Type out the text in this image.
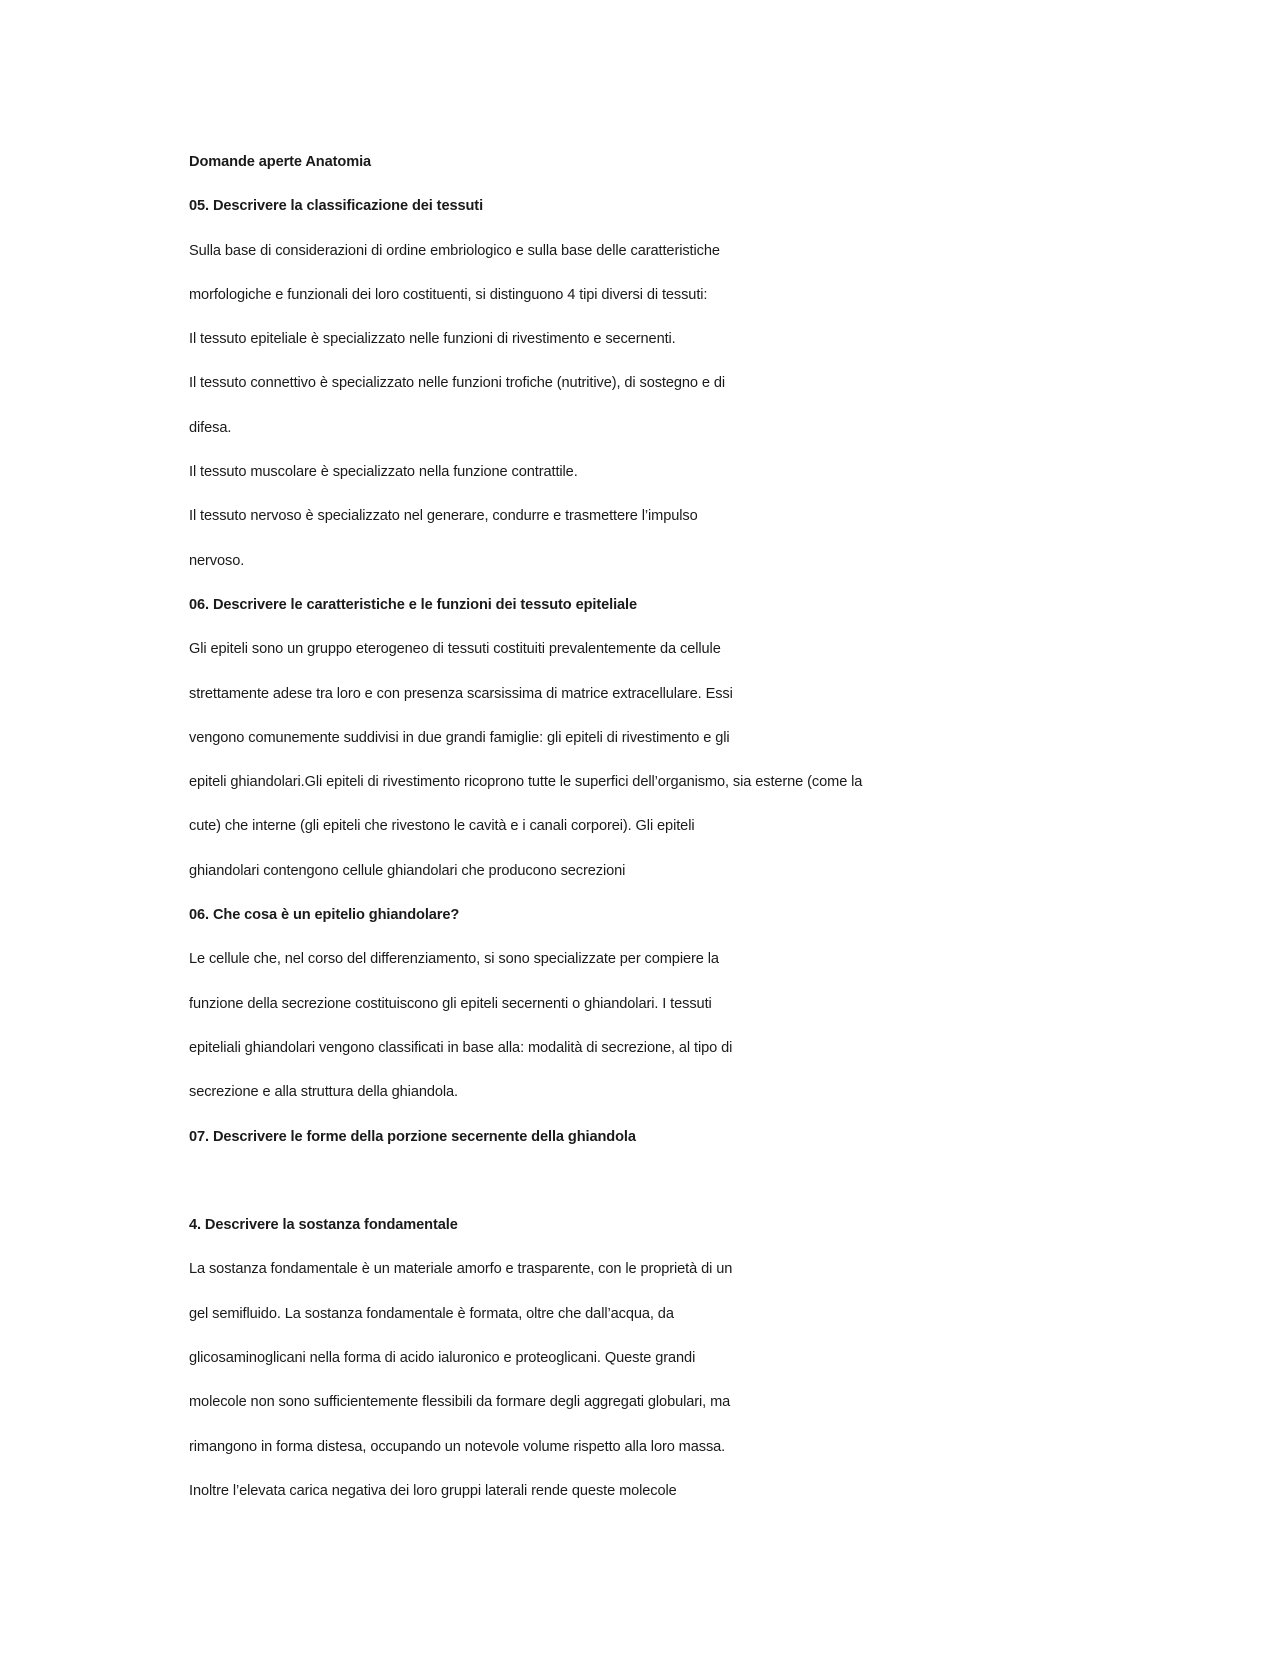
Domande aperte Anatomia
05. Descrivere la classificazione dei tessuti
Sulla base di considerazioni di ordine embriologico e sulla base delle caratteristiche
morfologiche e funzionali dei loro costituenti, si distinguono 4 tipi diversi di tessuti:
Il tessuto epiteliale è specializzato nelle funzioni di rivestimento e secernenti.
Il tessuto connettivo è specializzato nelle funzioni trofiche (nutritive), di sostegno e di
difesa.
Il tessuto muscolare è specializzato nella funzione contrattile.
Il tessuto nervoso è specializzato nel generare, condurre e trasmettere l’impulso
nervoso.
06. Descrivere le caratteristiche e le funzioni dei tessuto epiteliale
Gli epiteli sono un gruppo eterogeneo di tessuti costituiti prevalentemente da cellule
strettamente adese tra loro e con presenza scarsissima di matrice extracellulare. Essi
vengono comunemente suddivisi in due grandi famiglie: gli epiteli di rivestimento e gli
epiteli ghiandolari.Gli epiteli di rivestimento ricoprono tutte le superfici dell’organismo, sia esterne (come la
cute) che interne (gli epiteli che rivestono le cavità e i canali corporei). Gli epiteli
ghiandolari contengono cellule ghiandolari che producono secrezioni
06. Che cosa è un epitelio ghiandolare?
Le cellule che, nel corso del differenziamento, si sono specializzate per compiere la
funzione della secrezione costituiscono gli epiteli secernenti o ghiandolari. I tessuti
epiteliali ghiandolari vengono classificati in base alla: modalità di secrezione, al tipo di
secrezione e alla struttura della ghiandola.
07. Descrivere le forme della porzione secernente della ghiandola
4. Descrivere la sostanza fondamentale
La sostanza fondamentale è un materiale amorfo e trasparente, con le proprietà di un
gel semifluido. La sostanza fondamentale è formata, oltre che dall’acqua, da
glicosaminoglicani nella forma di acido ialuronico e proteoglicani. Queste grandi
molecole non sono sufficientemente flessibili da formare degli aggregati globulari, ma
rimangono in forma distesa, occupando un notevole volume rispetto alla loro massa.
Inoltre l’elevata carica negativa dei loro gruppi laterali rende queste molecole
